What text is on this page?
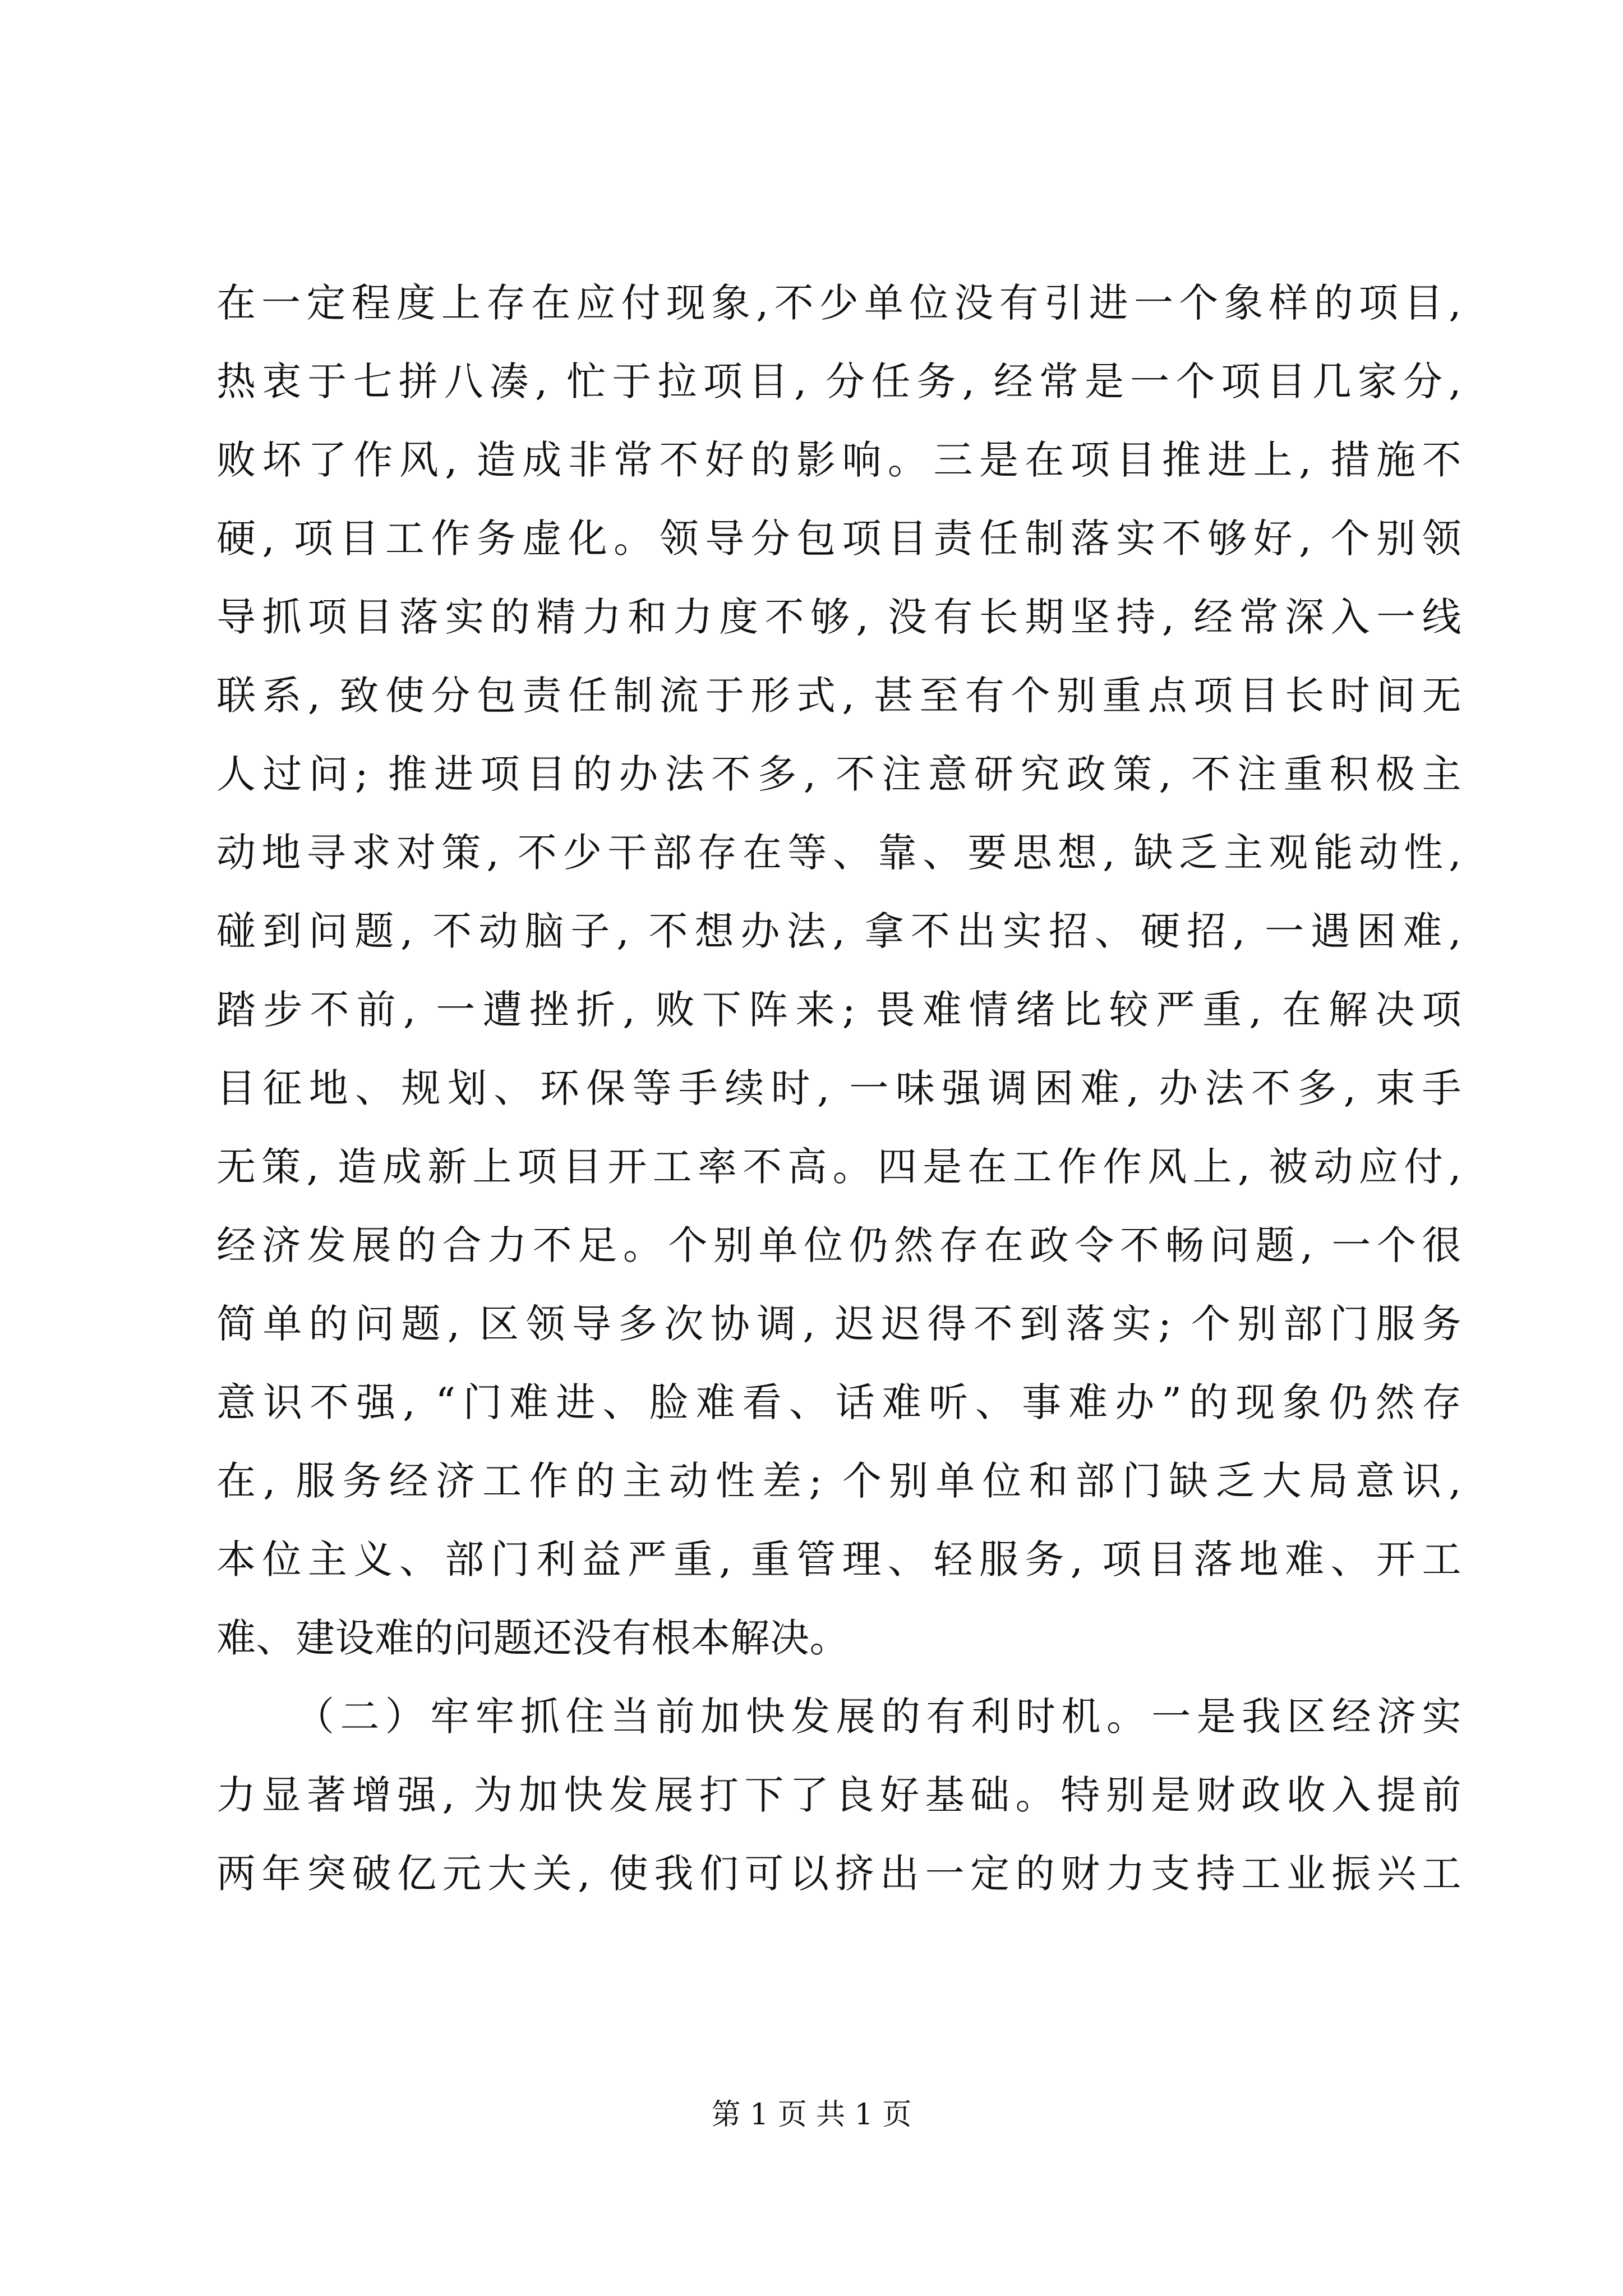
在一定程度上存在应付现象,不少单位没有引进一个象样的项目,
热衷于七拼八凑, 忙于拉项目, 分任务, 经常是一个项目几家分,
败坏了作风, 造成非常不好的影响。三是在项目推进上, 措施不
硬, 项目工作务虚化。领导分包项目责任制落实不够好, 个别领
导抓项目落实的精力和力度不够, 没有长期坚持, 经常深入一线
联系, 致使分包责任制流于形式, 甚至有个别重点项目长时间无
人过问; 推进项目的办法不多, 不注意研究政策, 不注重积极主
动地寻求对策, 不少干部存在等、靠、要思想, 缺乏主观能动性,
碰到问题, 不动脑子, 不想办法, 拿不出实招、硬招, 一遇困难,
踏步不前, 一遭挫折, 败下阵来; 畏难情绪比较严重, 在解决项
目征地、规划、环保等手续时, 一味强调困难, 办法不多, 束手
无策, 造成新上项目开工率不高。四是在工作作风上, 被动应付,
经济发展的合力不足。个别单位仍然存在政令不畅问题, 一个很
简单的问题, 区领导多次协调, 迟迟得不到落实; 个别部门服务
意识不强, “门难进、脸难看、话难听、事难办”的现象仍然存
在, 服务经济工作的主动性差; 个别单位和部门缺乏大局意识,
本位主义、部门利益严重, 重管理、轻服务, 项目落地难、开工
难、建设难的问题还没有根本解决。
（二）牢牢抓住当前加快发展的有利时机。一是我区经济实
力显著增强, 为加快发展打下了良好基础。特别是财政收入提前
两年突破亿元大关, 使我们可以挤出一定的财力支持工业振兴工
第 1 页 共 1 页
